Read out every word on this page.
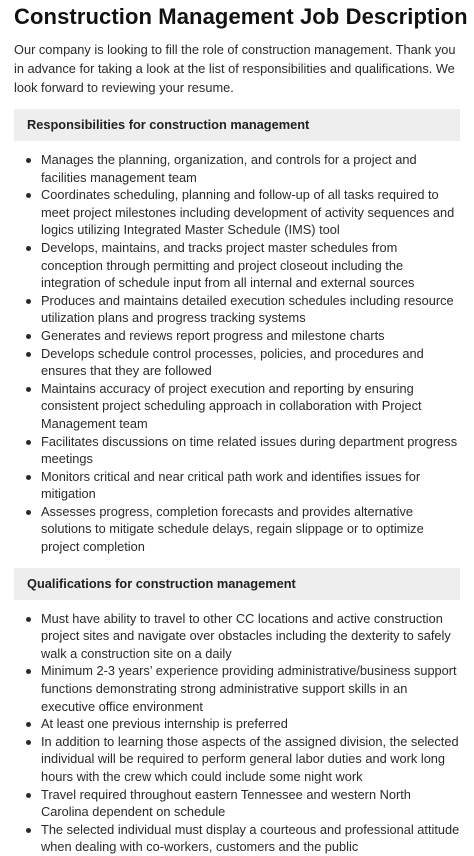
Construction Management Job Description

Our company is looking to fill the role of construction management. Thank you in advance for taking a look at the list of responsibilities and qualifications. We look forward to reviewing your resume.

Responsibilities for construction management
Manages the planning, organization, and controls for a project and facilities management team
Coordinates scheduling, planning and follow-up of all tasks required to meet project milestones including development of activity sequences and logics utilizing Integrated Master Schedule (IMS) tool
Develops, maintains, and tracks project master schedules from conception through permitting and project closeout including the integration of schedule input from all internal and external sources
Produces and maintains detailed execution schedules including resource utilization plans and progress tracking systems
Generates and reviews report progress and milestone charts
Develops schedule control processes, policies, and procedures and ensures that they are followed
Maintains accuracy of project execution and reporting by ensuring consistent project scheduling approach in collaboration with Project Management team
Facilitates discussions on time related issues during department progress meetings
Monitors critical and near critical path work and identifies issues for mitigation
Assesses progress, completion forecasts and provides alternative solutions to mitigate schedule delays, regain slippage or to optimize project completion
Qualifications for construction management
Must have ability to travel to other CC locations and active construction project sites and navigate over obstacles including the dexterity to safely walk a construction site on a daily
Minimum 2-3 years’ experience providing administrative/business support functions demonstrating strong administrative support skills in an executive office environment
At least one previous internship is preferred
In addition to learning those aspects of the assigned division, the selected individual will be required to perform general labor duties and work long hours with the crew which could include some night work
Travel required throughout eastern Tennessee and western North Carolina dependent on schedule
The selected individual must display a courteous and professional attitude when dealing with co-workers, customers and the public
